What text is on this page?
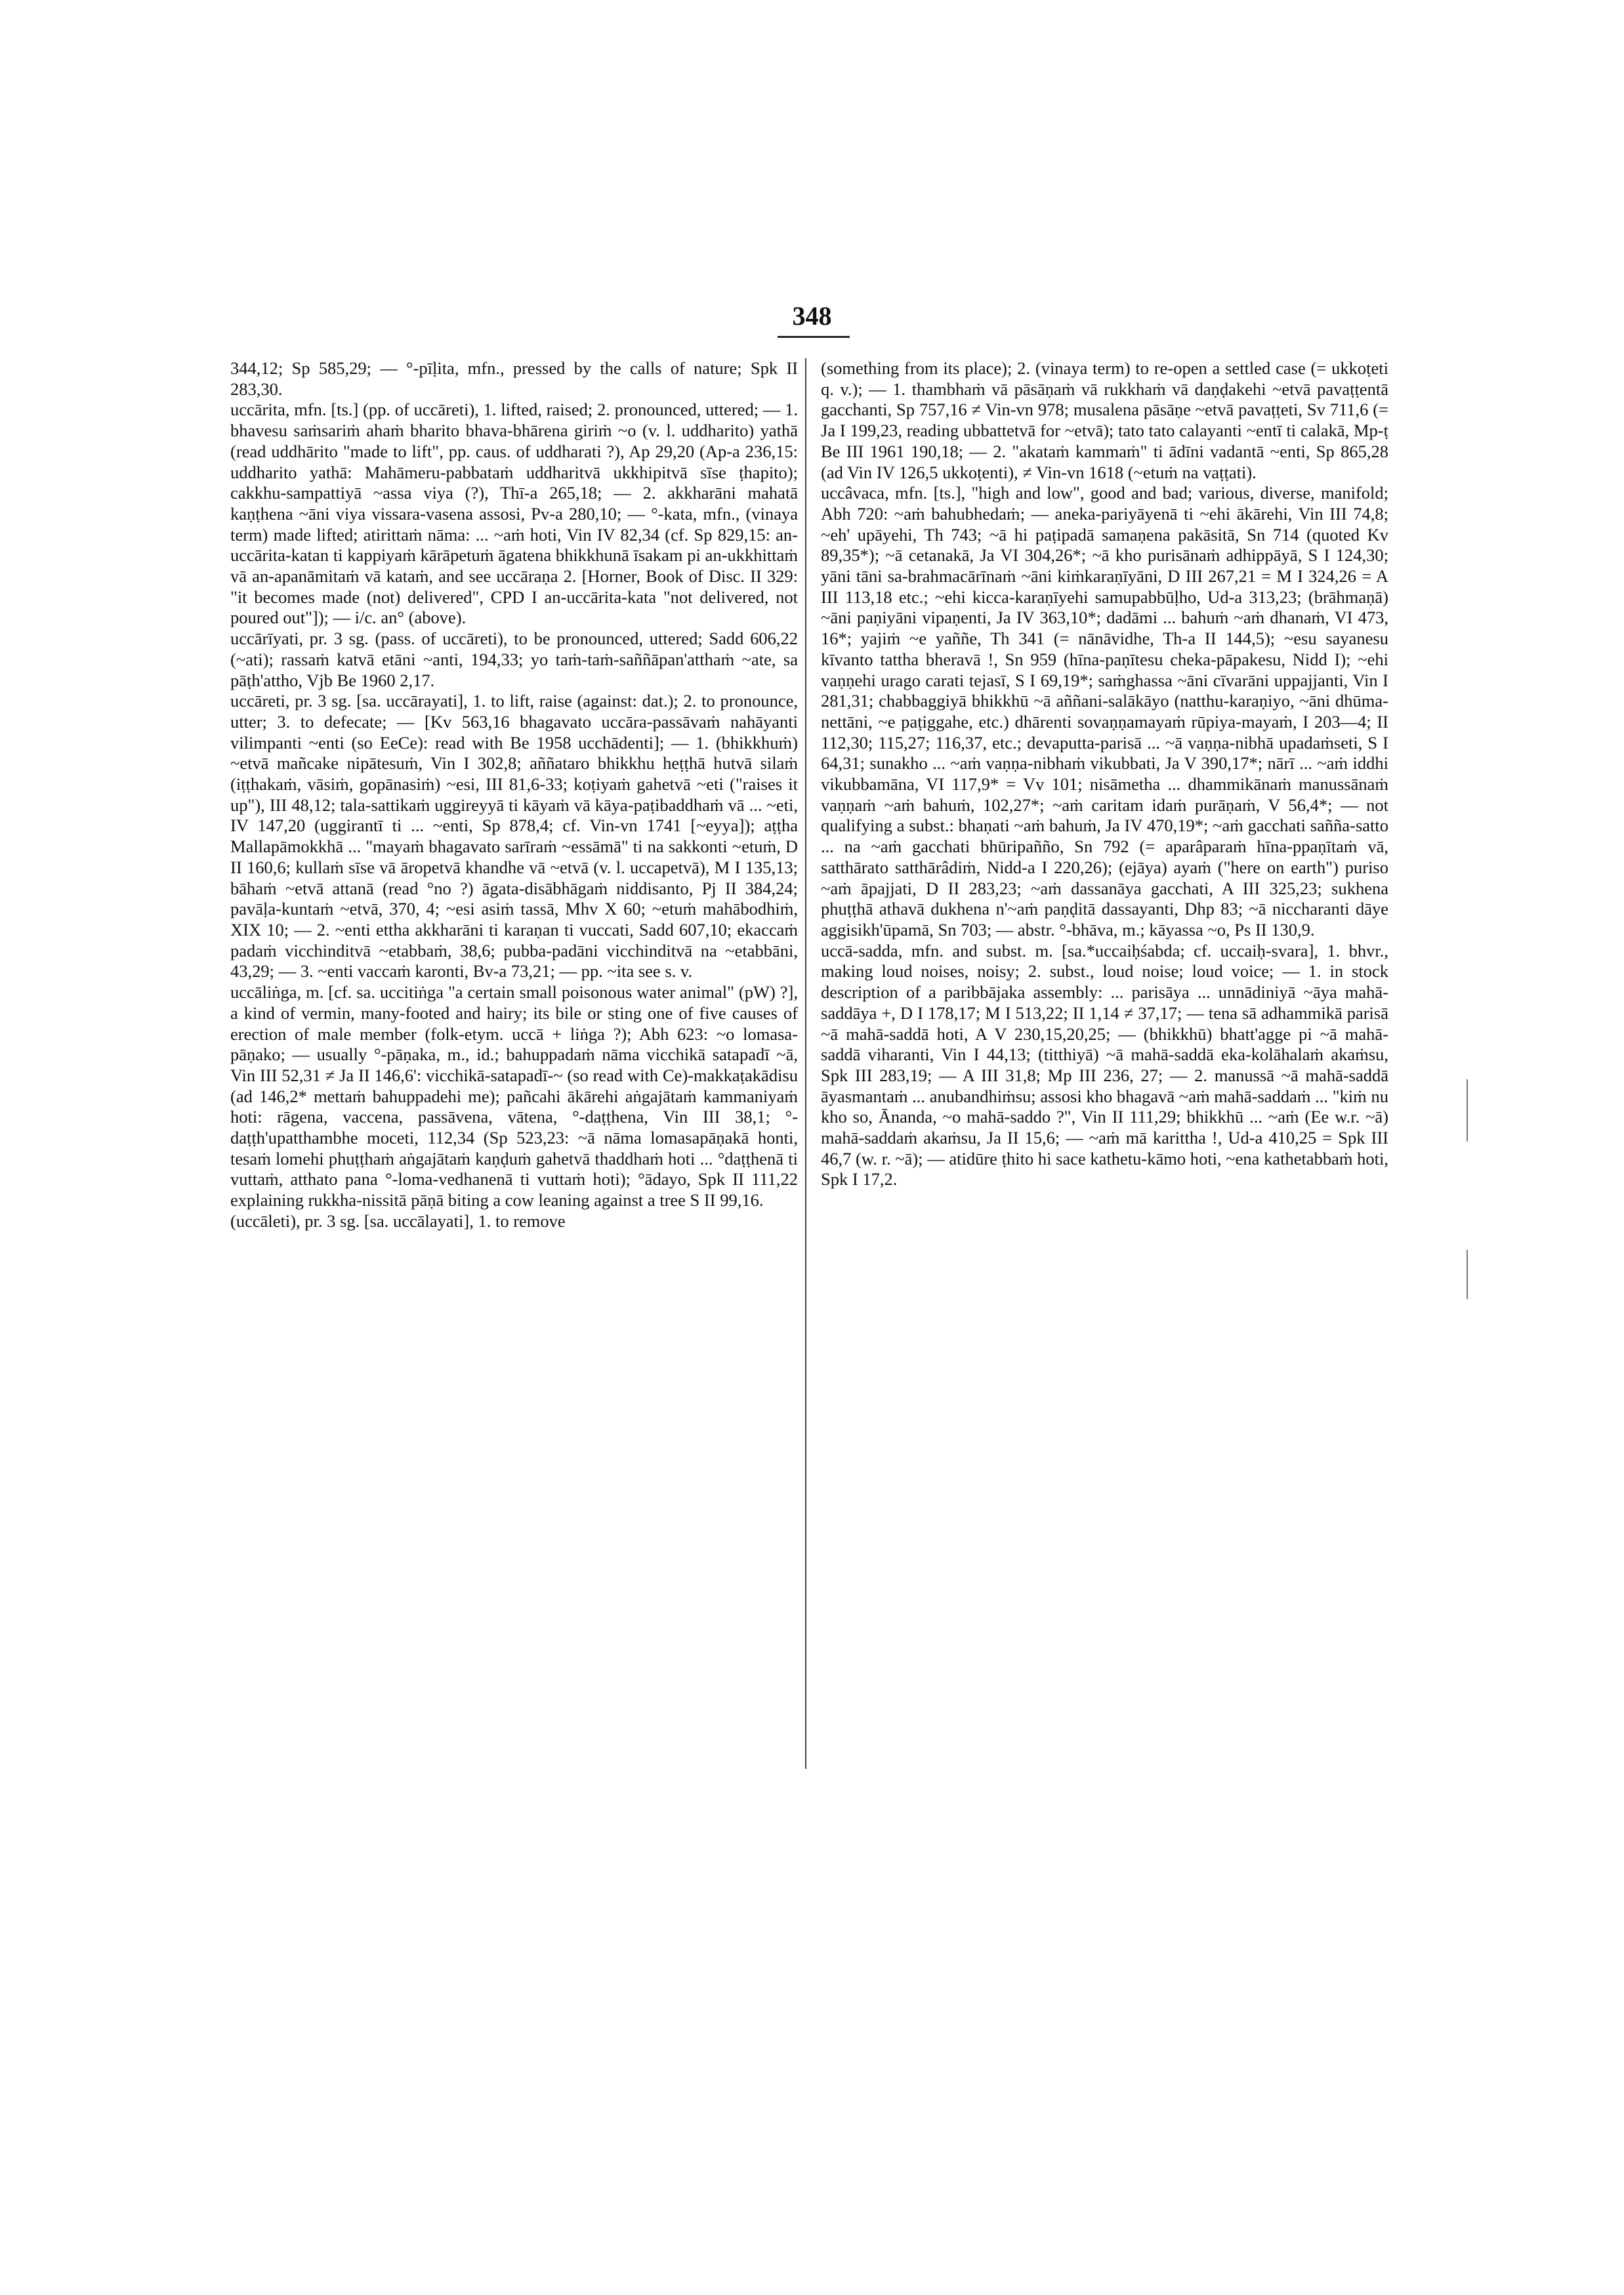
348

344,12; Sp 585,29; — °-pīḷita, mfn., pressed by the calls of nature; Spk II 283,30.

uccārita, mfn. [ts.] (pp. of uccāreti), 1. lifted, raised; 2. pronounced, uttered; — 1. bhavesu saṁsariṁ ahaṁ bharito bhava-bhārena giriṁ ~o (v. l. uddharito) yathā (read uddhārito "made to lift", pp. caus. of uddharati ?), Ap 29,20 (Ap-a 236,15: uddharito yathā: Mahāmeru-pabbataṁ uddharitvā ukkhipitvā sīse ṭhapito); cakkhu-sampattiyā ~assa viya (?), Thī-a 265,18; — 2. akkharāni mahatā kaṇṭhena ~āni viya vissara-vasena assosi, Pv-a 280,10; — °-kata, mfn., (vinaya term) made lifted; atirittaṁ nāma: ... ~aṁ hoti, Vin IV 82,34 (cf. Sp 829,15: an-uccārita-katan ti kappiyaṁ kārāpetuṁ āgatena bhikkhunā īsakam pi an-ukkhittaṁ vā an-apanāmitaṁ vā kataṁ, and see uccāraṇa 2. [Horner, Book of Disc. II 329: "it becomes made (not) delivered", CPD I an-uccārita-kata "not delivered, not poured out"]); — i/c. an° (above).

uccārīyati, pr. 3 sg. (pass. of uccāreti), to be pronounced, uttered; Sadd 606,22 (~ati); rassaṁ katvā etāni ~anti, 194,33; yo taṁ-taṁ-saññāpan'atthaṁ ~ate, sa pāṭh'attho, Vjb Be 1960 2,17.

uccāreti, pr. 3 sg. [sa. uccārayati], 1. to lift, raise (against: dat.); 2. to pronounce, utter; 3. to defecate; — [Kv 563,16 bhagavato uccāra-passāvaṁ nahāyanti vilimpanti ~enti (so EeCe): read with Be 1958 ucchādenti]; — 1. (bhikkhuṁ) ~etvā mañcake nipātesuṁ, Vin I 302,8; aññataro bhikkhu heṭṭhā hutvā silaṁ (iṭṭhakaṁ, vāsiṁ, gopānasiṁ) ~esi, III 81,6-33; koṭiyaṁ gahetvā ~eti ("raises it up"), III 48,12; tala-sattikaṁ uggireyyā ti kāyaṁ vā kāya-paṭibaddhaṁ vā ... ~eti, IV 147,20 (uggirantī ti ... ~enti, Sp 878,4; cf. Vin-vn 1741 [~eyya]); aṭṭha Mallapāmokkhā ... "mayaṁ bhagavato sarīraṁ ~essāmā" ti na sakkonti ~etuṁ, D II 160,6; kullaṁ sīse vā āropetvā khandhe vā ~etvā (v. l. uccapetvā), M I 135,13; bāhaṁ ~etvā attanā (read °no ?) āgata-disābhāgaṁ niddisanto, Pj II 384,24; pavāḷa-kuntaṁ ~etvā, 370, 4; ~esi asiṁ tassā, Mhv X 60; ~etuṁ mahābodhiṁ, XIX 10; — 2. ~enti ettha akkharāni ti karaṇan ti vuccati, Sadd 607,10; ekaccaṁ padaṁ vicchinditvā ~etabbaṁ, 38,6; pubba-padāni vicchinditvā na ~etabbāni, 43,29; — 3. ~enti vaccaṁ karonti, Bv-a 73,21; — pp. ~ita see s. v.

uccāliṅga, m. [cf. sa. uccitiṅga "a certain small poisonous water animal" (pW) ?], a kind of vermin, many-footed and hairy; its bile or sting one of five causes of erection of male member (folk-etym. uccā + liṅga ?); Abh 623: ~o lomasa-pāṇako; — usually °-pāṇaka, m., id.; bahuppadaṁ nāma vicchikā satapadī ~ā, Vin III 52,31 ≠ Ja II 146,6': vicchikā-satapadī-~ (so read with Ce)-makkaṭakādisu (ad 146,2* mettaṁ bahuppadehi me); pañcahi ākārehi aṅgajātaṁ kammaniyaṁ hoti: rāgena, vaccena, passāvena, vātena, °-daṭṭhena, Vin III 38,1; °-daṭṭh'upatthambhe moceti, 112,34 (Sp 523,23: ~ā nāma lomasapāṇakā honti, tesaṁ lomehi phuṭṭhaṁ aṅgajātaṁ kaṇḍuṁ gahetvā thaddhaṁ hoti ... °daṭṭhenā ti vuttaṁ, atthato pana °-loma-vedhanenā ti vuttaṁ hoti); °ādayo, Spk II 111,22 explaining rukkha-nissitā pāṇā biting a cow leaning against a tree S II 99,16.

(uccāleti), pr. 3 sg. [sa. uccālayati], 1. to remove

(something from its place); 2. (vinaya term) to re-open a settled case (= ukkoṭeti q. v.); — 1. thambhaṁ vā pāsāṇaṁ vā rukkhaṁ vā daṇḍakehi ~etvā pavaṭṭentā gacchanti, Sp 757,16 ≠ Vin-vn 978; musalena pāsāṇe ~etvā pavaṭṭeti, Sv 711,6 (= Ja I 199,23, reading ubbattetvā for ~etvā); tato tato calayanti ~entī ti calakā, Mp-ṭ Be III 1961 190,18; — 2. "akataṁ kammaṁ" ti ādīni vadantā ~enti, Sp 865,28 (ad Vin IV 126,5 ukkoṭenti), ≠ Vin-vn 1618 (~etuṁ na vaṭṭati).

uccâvaca, mfn. [ts.], "high and low", good and bad; various, diverse, manifold; Abh 720: ~aṁ bahubhedaṁ; — aneka-pariyāyenā ti ~ehi ākārehi, Vin III 74,8; ~eh' upāyehi, Th 743; ~ā hi paṭipadā samaṇena pakāsitā, Sn 714 (quoted Kv 89,35*); ~ā cetanakā, Ja VI 304,26*; ~ā kho purisānaṁ adhippāyā, S I 124,30; yāni tāni sa-brahmacārīnaṁ ~āni kiṁkaraṇīyāni, D III 267,21 = M I 324,26 = A III 113,18 etc.; ~ehi kicca-karaṇīyehi samupabbūḷho, Ud-a 313,23; (brāhmaṇā) ~āni paṇiyāni vipaṇenti, Ja IV 363,10*; dadāmi ... bahuṁ ~aṁ dhanaṁ, VI 473, 16*; yajiṁ ~e yaññe, Th 341 (= nānāvidhe, Th-a II 144,5); ~esu sayanesu kīvanto tattha bheravā !, Sn 959 (hīna-paṇītesu cheka-pāpakesu, Nidd I); ~ehi vaṇṇehi urago carati tejasī, S I 69,19*; saṁghassa ~āni cīvarāni uppajjanti, Vin I 281,31; chabbaggiyā bhikkhū ~ā aññani-salākāyo (natthu-karaṇiyo, ~āni dhūma-nettāni, ~e paṭiggahe, etc.) dhārenti sovaṇṇamayaṁ rūpiya-mayaṁ, I 203—4; II 112,30; 115,27; 116,37, etc.; devaputta-parisā ... ~ā vaṇṇa-nibhā upadaṁseti, S I 64,31; sunakho ... ~aṁ vaṇṇa-nibhaṁ vikubbati, Ja V 390,17*; nārī ... ~aṁ iddhi vikubbamāna, VI 117,9* = Vv 101; nisāmetha ... dhammikānaṁ manussānaṁ vaṇṇaṁ ~aṁ bahuṁ, 102,27*; ~aṁ caritam idaṁ purāṇaṁ, V 56,4*; — not qualifying a subst.: bhaṇati ~aṁ bahuṁ, Ja IV 470,19*; ~aṁ gacchati sañña-satto ... na ~aṁ gacchati bhūripañño, Sn 792 (= aparâparaṁ hīna-ppaṇītaṁ vā, satthārato satthārâdiṁ, Nidd-a I 220,26); (ejāya) ayaṁ ("here on earth") puriso ~aṁ āpajjati, D II 283,23; ~aṁ dassanāya gacchati, A III 325,23; sukhena phuṭṭhā athavā dukhena n'~aṁ paṇḍitā dassayanti, Dhp 83; ~ā niccharanti dāye aggisikh'ūpamā, Sn 703; — abstr. °-bhāva, m.; kāyassa ~o, Ps II 130,9.

uccā-sadda, mfn. and subst. m. [sa.*uccaiḥśabda; cf. uccaiḥ-svara], 1. bhvr., making loud noises, noisy; 2. subst., loud noise; loud voice; — 1. in stock description of a paribbājaka assembly: ... parisāya ... unnādiniyā ~āya mahā-saddāya +, D I 178,17; M I 513,22; II 1,14 ≠ 37,17; — tena sā adhammikā parisā ~ā mahā-saddā hoti, A V 230,15,20,25; — (bhikkhū) bhatt'agge pi ~ā mahā-saddā viharanti, Vin I 44,13; (titthiyā) ~ā mahā-saddā eka-kolāhalaṁ akaṁsu, Spk III 283,19; — A III 31,8; Mp III 236, 27; — 2. manussā ~ā mahā-saddā āyasmantaṁ ... anubandhiṁsu; assosi kho bhagavā ~aṁ mahā-saddaṁ ... "kiṁ nu kho so, Ānanda, ~o mahā-saddo ?", Vin II 111,29; bhikkhū ... ~aṁ (Ee w.r. ~ā) mahā-saddaṁ akaṁsu, Ja II 15,6; — ~aṁ mā karittha !, Ud-a 410,25 = Spk III 46,7 (w. r. ~ā); — atidūre ṭhito hi sace kathetu-kāmo hoti, ~ena kathetabbaṁ hoti, Spk I 17,2.
